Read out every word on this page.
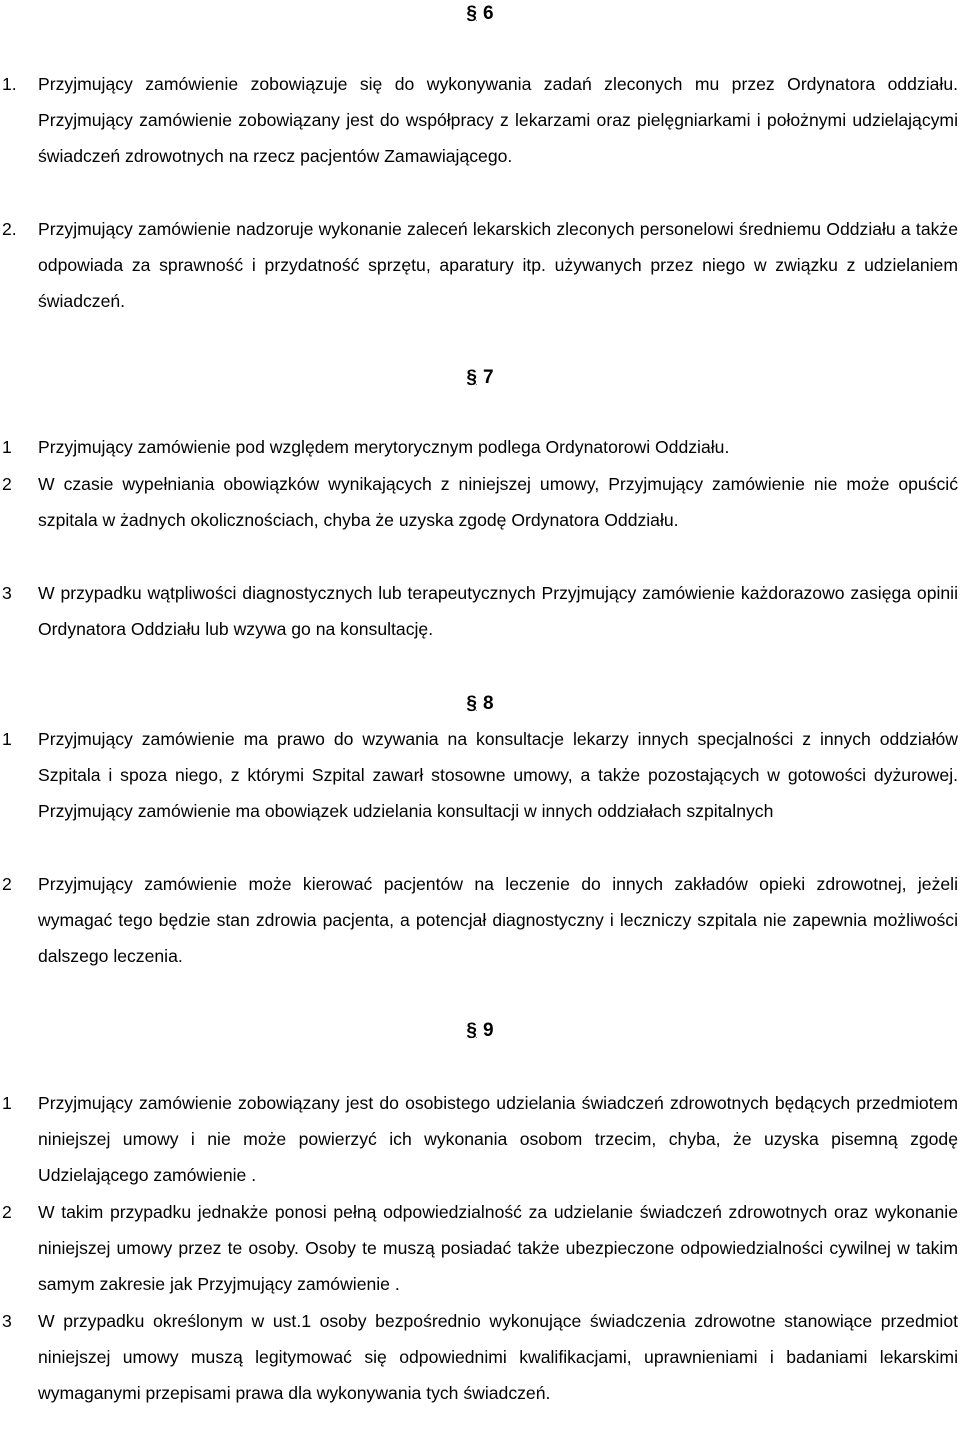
§ 6
1. Przyjmujący zamówienie zobowiązuje się do wykonywania zadań zleconych mu przez Ordynatora oddziału. Przyjmujący zamówienie zobowiązany jest do współpracy z lekarzami oraz pielęgniarkami i położnymi udzielającymi świadczeń zdrowotnych na rzecz pacjentów Zamawiającego.
2. Przyjmujący zamówienie nadzoruje wykonanie zaleceń lekarskich zleconych personelowi średniemu Oddziału a także odpowiada za sprawność i przydatność sprzętu, aparatury itp. używanych przez niego w związku z udzielaniem świadczeń.
§ 7
1 Przyjmujący zamówienie pod względem merytorycznym podlega Ordynatorowi Oddziału.
2 W czasie wypełniania obowiązków wynikających z niniejszej umowy, Przyjmujący zamówienie nie może opuścić szpitala w żadnych okolicznościach, chyba że uzyska zgodę Ordynatora Oddziału.
3 W przypadku wątpliwości diagnostycznych lub terapeutycznych Przyjmujący zamówienie każdorazowo zasięga opinii Ordynatora Oddziału lub wzywa go na konsultację.
§ 8
1 Przyjmujący zamówienie ma prawo do wzywania na konsultacje lekarzy innych specjalności z innych oddziałów Szpitala i spoza niego, z którymi Szpital zawarł stosowne umowy, a także pozostających w gotowości dyżurowej. Przyjmujący zamówienie ma obowiązek udzielania konsultacji w innych oddziałach szpitalnych
2 Przyjmujący zamówienie może kierować pacjentów na leczenie do innych zakładów opieki zdrowotnej, jeżeli wymagać tego będzie stan zdrowia pacjenta, a potencjał diagnostyczny i leczniczy szpitala nie zapewnia możliwości dalszego leczenia.
§ 9
1 Przyjmujący zamówienie zobowiązany jest do osobistego udzielania świadczeń zdrowotnych będących przedmiotem niniejszej umowy i nie może powierzyć ich wykonania osobom trzecim, chyba, że uzyska pisemną zgodę Udzielającego zamówienie .
2 W takim przypadku jednakże ponosi pełną odpowiedzialność za udzielanie świadczeń zdrowotnych oraz wykonanie niniejszej umowy przez te osoby. Osoby te muszą posiadać także ubezpieczone odpowiedzialności cywilnej w takim samym zakresie jak Przyjmujący zamówienie .
3 W przypadku określonym w ust.1 osoby bezpośrednio wykonujące świadczenia zdrowotne stanowiące przedmiot niniejszej umowy muszą legitymować się odpowiednimi kwalifikacjami, uprawnieniami i badaniami lekarskimi wymaganymi przepisami prawa dla wykonywania tych świadczeń.
